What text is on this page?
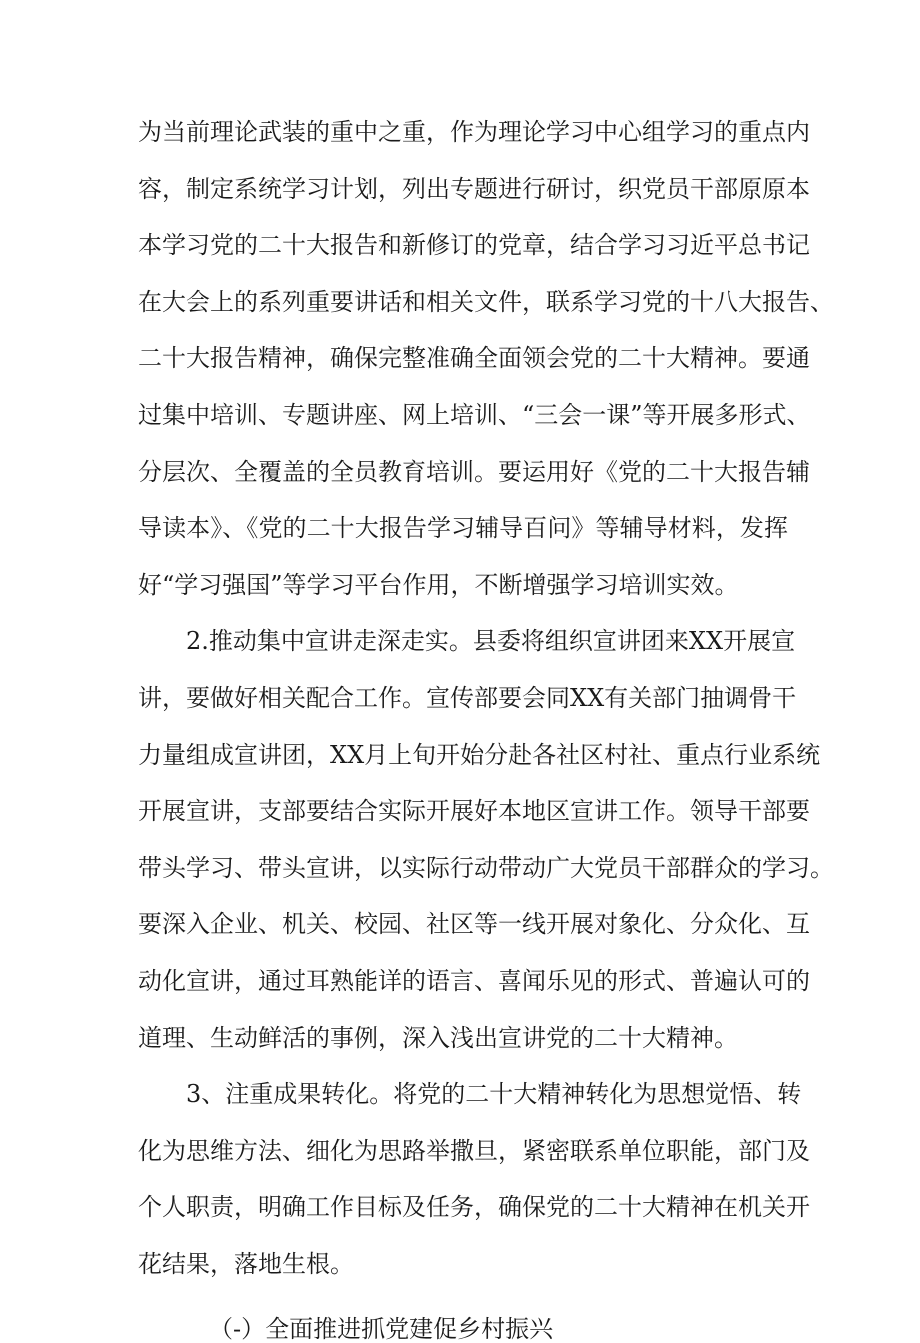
为当前理论武装的重中之重，作为理论学习中心组学习的重点内
容，制定系统学习计划，列出专题进行研讨，织党员干部原原本
本学习党的二十大报告和新修订的党章，结合学习习近平总书记
在大会上的系列重要讲话和相关文件，联系学习党的十八大报告、
二十大报告精神，确保完整准确全面领会党的二十大精神。要通
过集中培训、专题讲座、网上培训、“三会一课”等开展多形式、
分层次、全覆盖的全员教育培训。要运用好《党的二十大报告辅
导读本》、《党的二十大报告学习辅导百问》等辅导材料，发挥
好“学习强国”等学习平台作用，不断增强学习培训实效。
2.推动集中宣讲走深走实。县委将组织宣讲团来XX开展宣
讲，要做好相关配合工作。宣传部要会同XX有关部门抽调骨干
力量组成宣讲团，XX月上旬开始分赴各社区村社、重点行业系统
开展宣讲，支部要结合实际开展好本地区宣讲工作。领导干部要
带头学习、带头宣讲，以实际行动带动广大党员干部群众的学习。
要深入企业、机关、校园、社区等一线开展对象化、分众化、互
动化宣讲，通过耳熟能详的语言、喜闻乐见的形式、普遍认可的
道理、生动鲜活的事例，深入浅出宣讲党的二十大精神。
3、注重成果转化。将党的二十大精神转化为思想觉悟、转
化为思维方法、细化为思路举撒旦，紧密联系单位职能，部门及
个人职责，明确工作目标及任务，确保党的二十大精神在机关开
花结果，落地生根。
（-）全面推进抓党建促乡村振兴
